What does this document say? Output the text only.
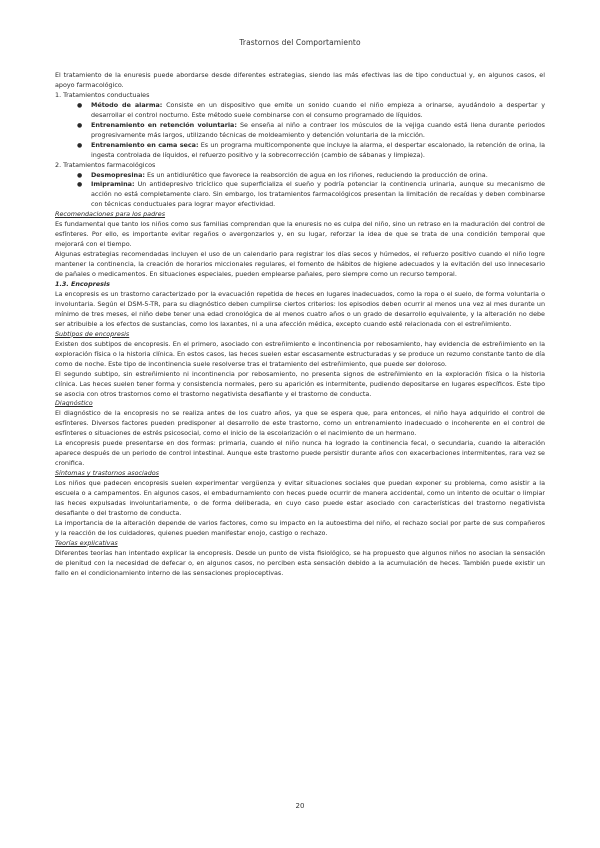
Trastornos del Comportamiento

El tratamiento de la enuresis puede abordarse desde diferentes estrategias, siendo las más efectivas las de tipo conductual y, en algunos casos, el apoyo farmacológico.

1. Tratamientos conductuales

●	Método de alarma: Consiste en un dispositivo que emite un sonido cuando el niño empieza a orinarse, ayudándolo a despertar y desarrollar el control nocturno. Este método suele combinarse con el consumo programado de líquidos.
●	Entrenamiento en retención voluntaria: Se enseña al niño a contraer los músculos de la vejiga cuando está llena durante periodos progresivamente más largos, utilizando técnicas de moldeamiento y detención voluntaria de la micción.
●	Entrenamiento en cama seca: Es un programa multicomponente que incluye la alarma, el despertar escalonado, la retención de orina, la ingesta controlada de líquidos, el refuerzo positivo y la sobrecorrección (cambio de sábanas y limpieza).

2. Tratamientos farmacológicos

●	Desmopresina: Es un antidiurético que favorece la reabsorción de agua en los riñones, reduciendo la producción de orina.
●	Imipramina: Un antidepresivo tricíclico que superficializa el sueño y podría potenciar la continencia urinaria, aunque su mecanismo de acción no está completamente claro. Sin embargo, los tratamientos farmacológicos presentan la limitación de recaídas y deben combinarse con técnicas conductuales para lograr mayor efectividad.

Recomendaciones para los padres

Es fundamental que tanto los niños como sus familias comprendan que la enuresis no es culpa del niño, sino un retraso en la maduración del control de esfínteres. Por ello, es importante evitar regaños o avergonzarlos y, en su lugar, reforzar la idea de que se trata de una condición temporal que mejorará con el tiempo.

Algunas estrategias recomendadas incluyen el uso de un calendario para registrar los días secos y húmedos, el refuerzo positivo cuando el niño logre mantener la continencia, la creación de horarios miccionales regulares, el fomento de hábitos de higiene adecuados y la evitación del uso innecesario de pañales o medicamentos. En situaciones especiales, pueden emplearse pañales, pero siempre como un recurso temporal.

1.3. Encopresis

La encopresis es un trastorno caracterizado por la evacuación repetida de heces en lugares inadecuados, como la ropa o el suelo, de forma voluntaria o involuntaria. Según el DSM-5-TR, para su diagnóstico deben cumplirse ciertos criterios: los episodios deben ocurrir al menos una vez al mes durante un mínimo de tres meses, el niño debe tener una edad cronológica de al menos cuatro años o un grado de desarrollo equivalente, y la alteración no debe ser atribuible a los efectos de sustancias, como los laxantes, ni a una afección médica, excepto cuando esté relacionada con el estreñimiento.

Subtipos de encopresis

Existen dos subtipos de encopresis. En el primero, asociado con estreñimiento e incontinencia por rebosamiento, hay evidencia de estreñimiento en la exploración física o la historia clínica. En estos casos, las heces suelen estar escasamente estructuradas y se produce un rezumo constante tanto de día como de noche. Este tipo de incontinencia suele resolverse tras el tratamiento del estreñimiento, que puede ser doloroso.

El segundo subtipo, sin estreñimiento ni incontinencia por rebosamiento, no presenta signos de estreñimiento en la exploración física o la historia clínica. Las heces suelen tener forma y consistencia normales, pero su aparición es intermitente, pudiendo depositarse en lugares específicos. Este tipo se asocia con otros trastornos como el trastorno negativista desafiante y el trastorno de conducta.

Diagnóstico

El diagnóstico de la encopresis no se realiza antes de los cuatro años, ya que se espera que, para entonces, el niño haya adquirido el control de esfínteres. Diversos factores pueden predisponer al desarrollo de este trastorno, como un entrenamiento inadecuado o incoherente en el control de esfínteres o situaciones de estrés psicosocial, como el inicio de la escolarización o el nacimiento de un hermano.

La encopresis puede presentarse en dos formas: primaria, cuando el niño nunca ha logrado la continencia fecal, o secundaria, cuando la alteración aparece después de un periodo de control intestinal. Aunque este trastorno puede persistir durante años con exacerbaciones intermitentes, rara vez se cronifica.

Síntomas y trastornos asociados

Los niños que padecen encopresis suelen experimentar vergüenza y evitar situaciones sociales que puedan exponer su problema, como asistir a la escuela o a campamentos. En algunos casos, el embadurnamiento con heces puede ocurrir de manera accidental, como un intento de ocultar o limpiar las heces expulsadas involuntariamente, o de forma deliberada, en cuyo caso puede estar asociado con características del trastorno negativista desafiante o del trastorno de conducta.

La importancia de la alteración depende de varios factores, como su impacto en la autoestima del niño, el rechazo social por parte de sus compañeros y la reacción de los cuidadores, quienes pueden manifestar enojo, castigo o rechazo.

Teorías explicativas

Diferentes teorías han intentado explicar la encopresis. Desde un punto de vista fisiológico, se ha propuesto que algunos niños no asocian la sensación de plenitud con la necesidad de defecar o, en algunos casos, no perciben esta sensación debido a la acumulación de heces. También puede existir un fallo en el condicionamiento interno de las sensaciones propioceptivas.

20
